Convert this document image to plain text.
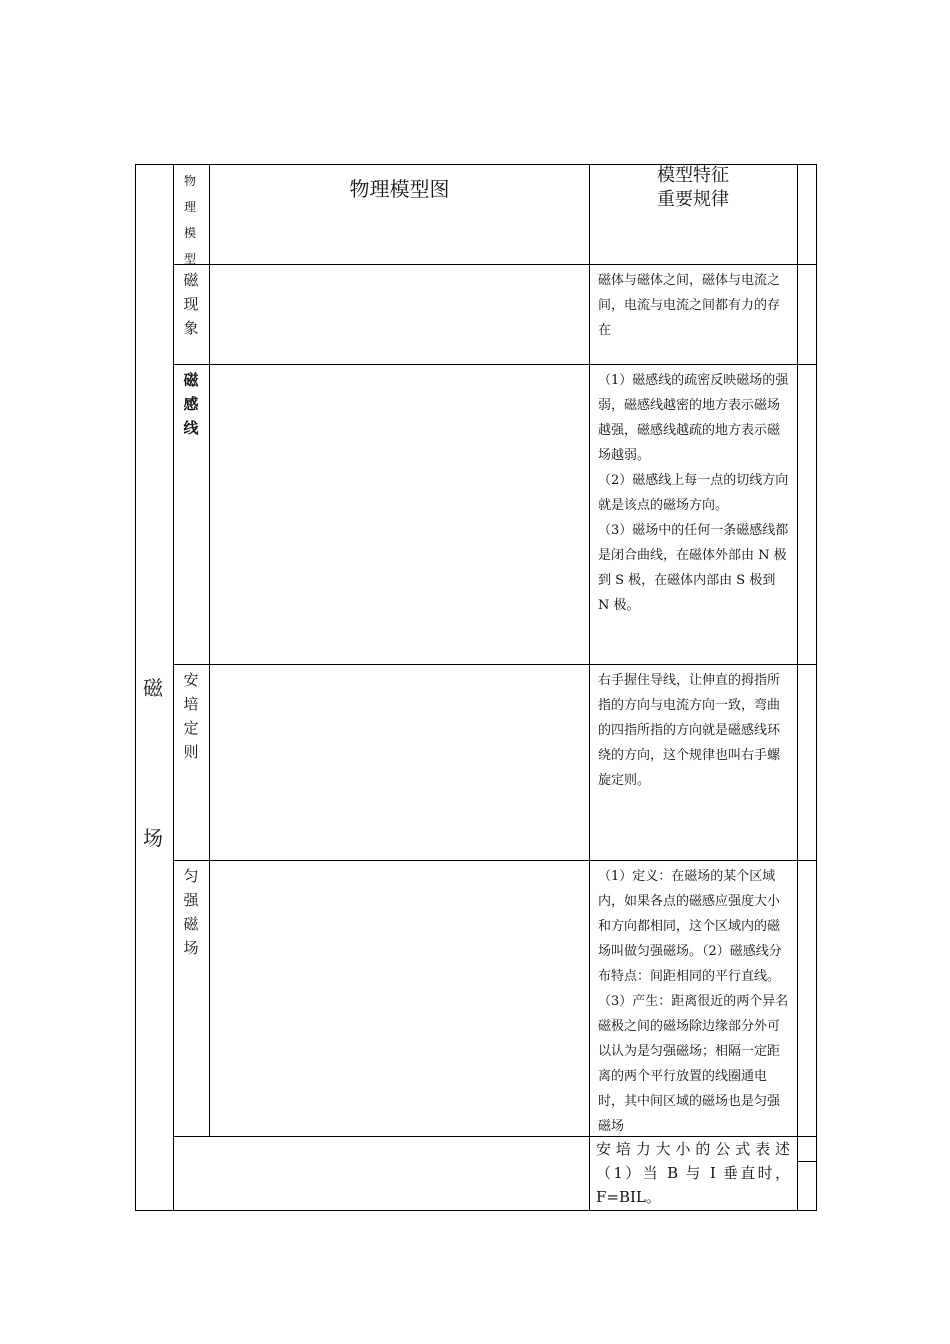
磁
场
物
理
模
型
物理模型图
模型特征
重要规律
磁
现
象
磁体与磁体之间，磁体与电流之间，电流与电流之间都有力的存在
磁
感
线
（1）磁感线的疏密反映磁场的强弱，磁感线越密的地方表示磁场越强，磁感线越疏的地方表示磁场越弱。
（2）磁感线上每一点的切线方向就是该点的磁场方向。
（3）磁场中的任何一条磁感线都是闭合曲线，在磁体外部由 N 极到 S 极，在磁体内部由 S 极到 N 极。
安
培
定
则
右手握住导线，让伸直的拇指所指的方向与电流方向一致，弯曲的四指所指的方向就是磁感线环绕的方向，这个规律也叫右手螺旋定则。
匀
强
磁
场
（1）定义：在磁场的某个区域内，如果各点的磁感应强度大小和方向都相同，这个区域内的磁场叫做匀强磁场。（2）磁感线分布特点：间距相同的平行直线。（3）产生：距离很近的两个异名磁极之间的磁场除边缘部分外可以认为是匀强磁场；相隔一定距离的两个平行放置的线圈通电时，其中间区域的磁场也是匀强磁场
安培力大小的公式表述
（1）当 B 与 I 垂直时，
F=BIL。
